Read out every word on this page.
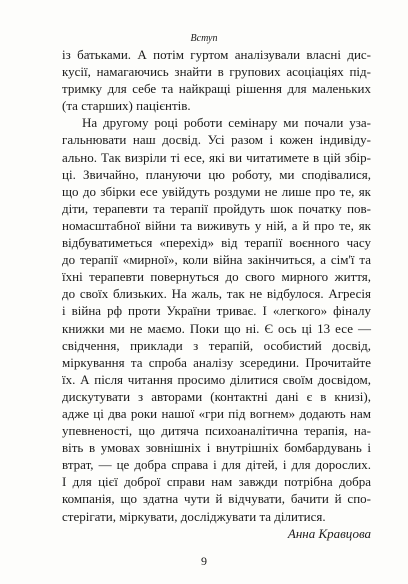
Вступ
із батьками. А потім гуртом аналізували власні дис-
кусії, намагаючись знайти в групових асоціаціях під-
тримку для себе та найкращі рішення для маленьких
(та старших) пацієнтів.
На другому році роботи семінару ми почали уза-
гальнювати наш досвід. Усі разом і кожен індивіду-
ально. Так визріли ті есе, які ви читатимете в цій збір-
ці. Звичайно, плануючи цю роботу, ми сподівалися,
що до збірки есе увійдуть роздуми не лише про те, як
діти, терапевти та терапії пройдуть шок початку пов-
номасштабної війни та виживуть у ній, а й про те, як
відбуватиметься «перехід» від терапії воєнного часу
до терапії «мирної», коли війна закінчиться, а сім'ї та
їхні терапевти повернуться до свого мирного життя,
до своїх близьких. На жаль, так не відбулося. Агресія
і війна рф проти України триває. І «легкого» фіналу
книжки ми не маємо. Поки що ні. Є ось ці 13 есе —
свідчення, приклади з терапій, особистий досвід,
міркування та спроба аналізу зсередини. Прочитайте
їх. А після читання просимо ділитися своїм досвідом,
дискутувати з авторами (контактні дані є в книзі),
адже ці два роки нашої «гри під вогнем» додають нам
упевненості, що дитяча психоаналітична терапія, на-
віть в умовах зовнішніх і внутрішніх бомбардувань і
втрат, — це добра справа і для дітей, і для дорослих.
І для цієї доброї справи нам завжди потрібна добра
компанія, що здатна чути й відчувати, бачити й спо-
стерігати, міркувати, досліджувати та ділитися.
Анна Кравцова
9
